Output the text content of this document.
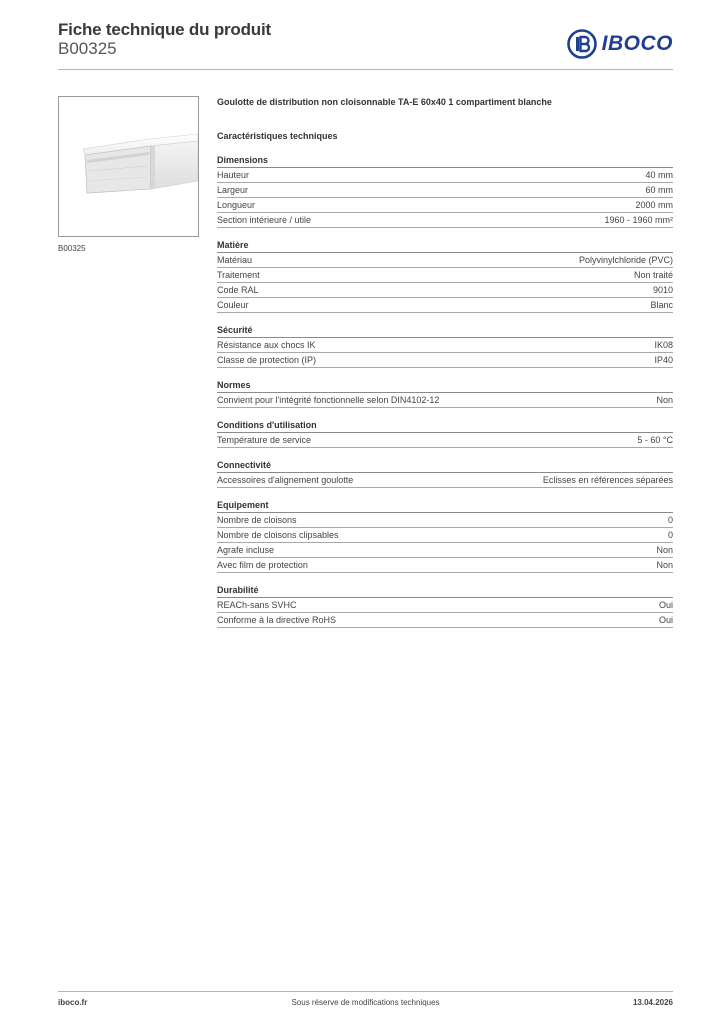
Fiche technique du produit
B00325	IBOCO
B00325
Goulotte de distribution non cloisonnable TA-E 60x40 1 compartiment blanche
Caractéristiques techniques
Dimensions
Hauteur	40 mm
Largeur	60 mm
Longueur	2000 mm
Section intérieure / utile	1960 - 1960 mm²
Matière
Matériau	Polyvinylchloride (PVC)
Traitement	Non traité
Code RAL	9010
Couleur	Blanc
Sécurité
Résistance aux chocs IK	IK08
Classe de protection (IP)	IP40
Normes
Convient pour l'intégrité fonctionnelle selon DIN4102-12	Non
Conditions d'utilisation
Température de service	5 - 60 °C
Connectivité
Accessoires d'alignement goulotte	Eclisses en références séparées
Equipement
Nombre de cloisons	0
Nombre de cloisons clipsables	0
Agrafe incluse	Non
Avec film de protection	Non
Durabilité
REACh-sans SVHC	Oui
Conforme à la directive RoHS	Oui
iboco.fr	Sous réserve de modifications techniques	13.04.2026
